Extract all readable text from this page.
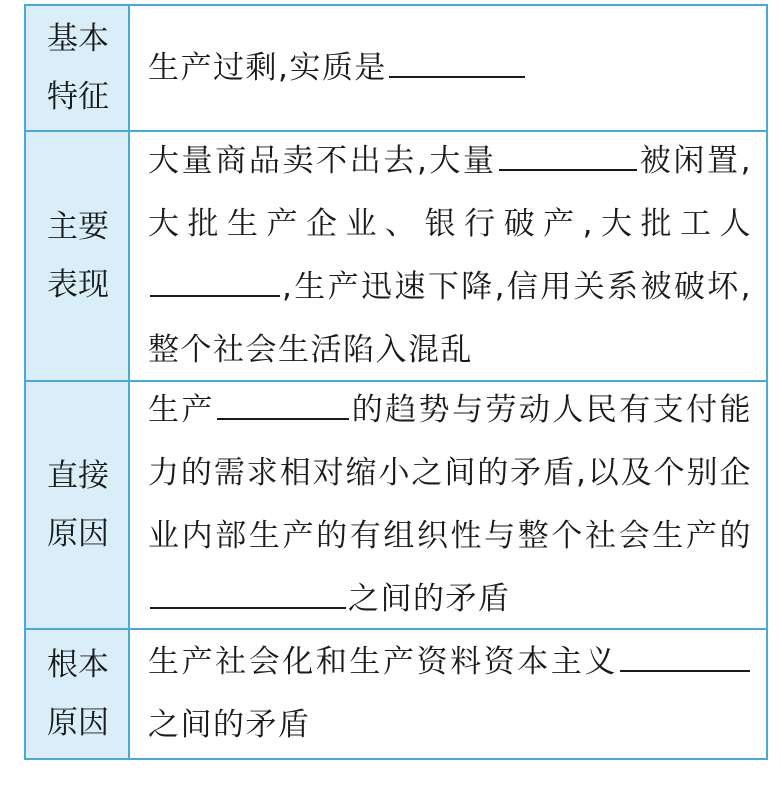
基本
特征
生产过剩,实质是
主要
表现
大量商品卖不出去,大量	被闲置,大批生产企业、银行破产,大批工人,生产迅速下降,信用关系被破坏,整个社会生活陷入混乱
直接
原因
生产	的趋势与劳动人民有支付能力的需求相对缩小之间的矛盾,以及个别企业内部生产的有组织性与整个社会生产的之间的矛盾
根本
原因
生产社会化和生产资料资本主义之间的矛盾
